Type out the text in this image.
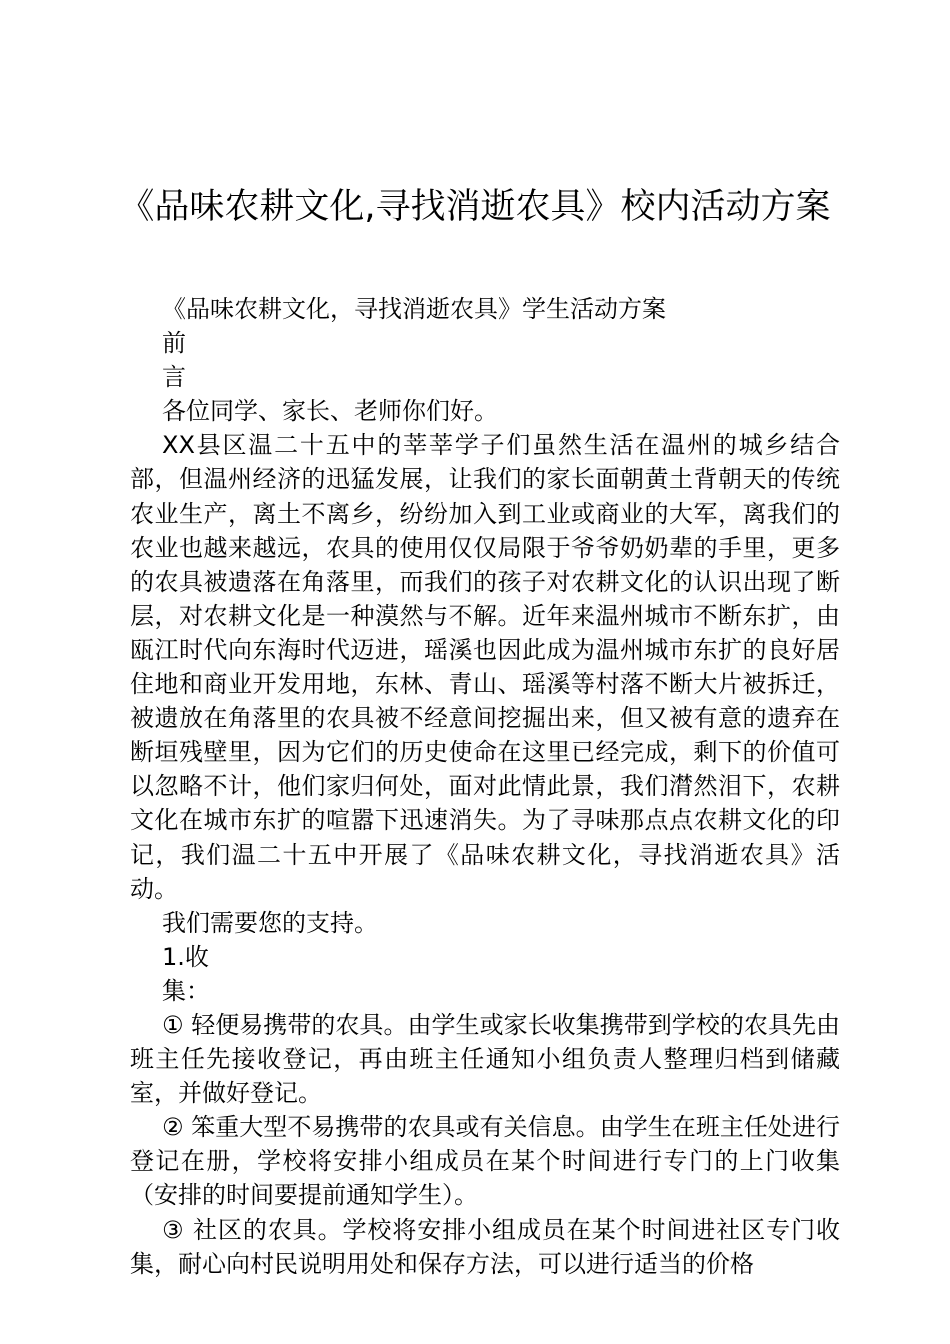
《品味农耕文化,寻找消逝农具》校内活动方案

《品味农耕文化，寻找消逝农具》学生活动方案

前

言

各位同学、家长、老师你们好。

XX县区温二十五中的莘莘学子们虽然生活在温州的城乡结合部，但温州经济的迅猛发展，让我们的家长面朝黄土背朝天的传统农业生产，离土不离乡，纷纷加入到工业或商业的大军，离我们的农业也越来越远，农具的使用仅仅局限于爷爷奶奶辈的手里，更多的农具被遗落在角落里，而我们的孩子对农耕文化的认识出现了断层，对农耕文化是一种漠然与不解。近年来温州城市不断东扩，由瓯江时代向东海时代迈进，瑶溪也因此成为温州城市东扩的良好居住地和商业开发用地，东林、青山、瑶溪等村落不断大片被拆迁，被遗放在角落里的农具被不经意间挖掘出来，但又被有意的遗弃在断垣残壁里，因为它们的历史使命在这里已经完成，剩下的价值可以忽略不计，他们家归何处，面对此情此景，我们潸然泪下，农耕文化在城市东扩的喧嚣下迅速消失。为了寻味那点点农耕文化的印记，我们温二十五中开展了《品味农耕文化，寻找消逝农具》活动。

我们需要您的支持。

1.收

集：

① 轻便易携带的农具。由学生或家长收集携带到学校的农具先由班主任先接收登记，再由班主任通知小组负责人整理归档到储藏室，并做好登记。

② 笨重大型不易携带的农具或有关信息。由学生在班主任处进行登记在册，学校将安排小组成员在某个时间进行专门的上门收集（安排的时间要提前通知学生）。

③ 社区的农具。学校将安排小组成员在某个时间进社区专门收集，耐心向村民说明用处和保存方法，可以进行适当的价格
